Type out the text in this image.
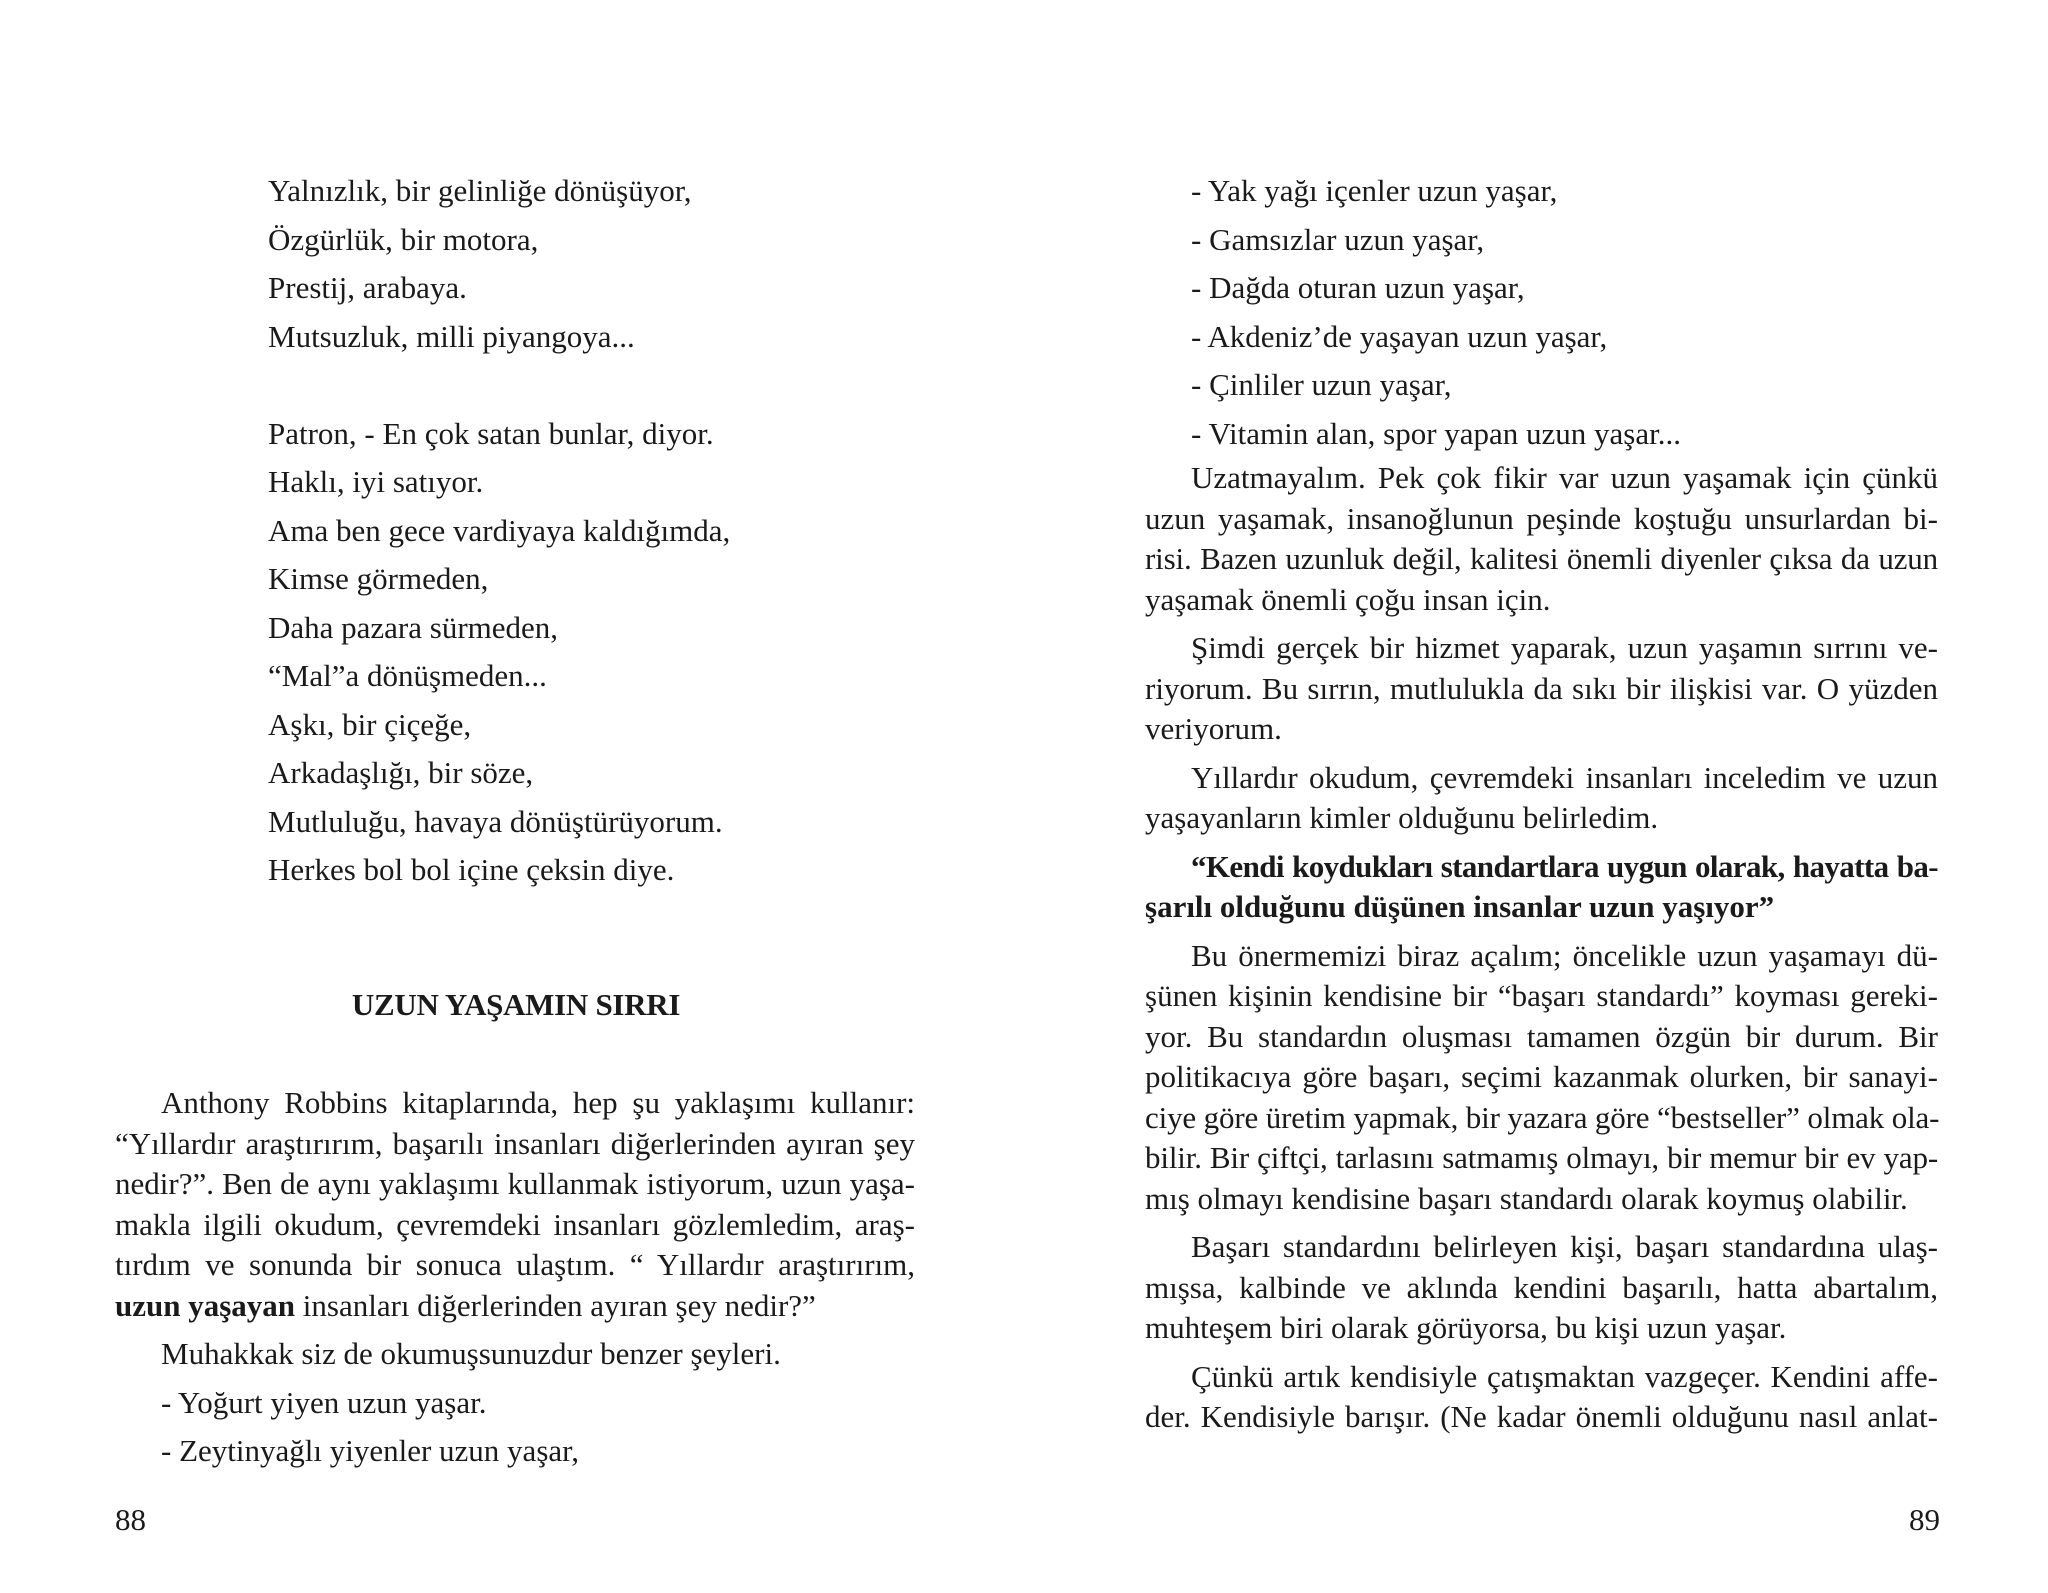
Yalnızlık, bir gelinliğe dönüşüyor,
Özgürlük, bir motora,
Prestij, arabaya.
Mutsuzluk, milli piyangoya...
Patron, - En çok satan bunlar, diyor.
Haklı, iyi satıyor.
Ama ben gece vardiyaya kaldığımda,
Kimse görmeden,
Daha pazara sürmeden,
“Mal”a dönüşmeden...
Aşkı, bir çiçeğe,
Arkadaşlığı, bir söze,
Mutluluğu, havaya dönüştürüyorum.
Herkes bol bol içine çeksin diye.
UZUN YAŞAMIN SIRRI
Anthony Robbins kitaplarında, hep şu yaklaşımı kullanır:
“Yıllardır araştırırım, başarılı insanları diğerlerinden ayıran şey
nedir?”. Ben de aynı yaklaşımı kullanmak istiyorum, uzun yaşa-
makla ilgili okudum, çevremdeki insanları gözlemledim, araş-
tırdım ve sonunda bir sonuca ulaştım. “ Yıllardır araştırırım,
uzun yaşayan insanları diğerlerinden ayıran şey nedir?”
Muhakkak siz de okumuşsunuzdur benzer şeyleri.
- Yoğurt yiyen uzun yaşar.
- Zeytinyağlı yiyenler uzun yaşar,
88
- Yak yağı içenler uzun yaşar,
- Gamsızlar uzun yaşar,
- Dağda oturan uzun yaşar,
- Akdeniz’de yaşayan uzun yaşar,
- Çinliler uzun yaşar,
- Vitamin alan, spor yapan uzun yaşar...
Uzatmayalım. Pek çok fikir var uzun yaşamak için çünkü
uzun yaşamak, insanoğlunun peşinde koştuğu unsurlardan bi-
risi. Bazen uzunluk değil, kalitesi önemli diyenler çıksa da uzun
yaşamak önemli çoğu insan için.
Şimdi gerçek bir hizmet yaparak, uzun yaşamın sırrını ve-
riyorum. Bu sırrın, mutlulukla da sıkı bir ilişkisi var. O yüzden
veriyorum.
Yıllardır okudum, çevremdeki insanları inceledim ve uzun
yaşayanların kimler olduğunu belirledim.
“Kendi koydukları standartlara uygun olarak, hayatta ba-
şarılı olduğunu düşünen insanlar uzun yaşıyor”
Bu önermemizi biraz açalım; öncelikle uzun yaşamayı dü-
şünen kişinin kendisine bir “başarı standardı” koyması gereki-
yor. Bu standardın oluşması tamamen özgün bir durum. Bir
politikacıya göre başarı, seçimi kazanmak olurken, bir sanayi-
ciye göre üretim yapmak, bir yazara göre “bestseller” olmak ola-
bilir. Bir çiftçi, tarlasını satmamış olmayı, bir memur bir ev yap-
mış olmayı kendisine başarı standardı olarak koymuş olabilir.
Başarı standardını belirleyen kişi, başarı standardına ulaş-
mışsa, kalbinde ve aklında kendini başarılı, hatta abartalım,
muhteşem biri olarak görüyorsa, bu kişi uzun yaşar.
Çünkü artık kendisiyle çatışmaktan vazgeçer. Kendini affe-
der. Kendisiyle barışır. (Ne kadar önemli olduğunu nasıl anlat-
89
